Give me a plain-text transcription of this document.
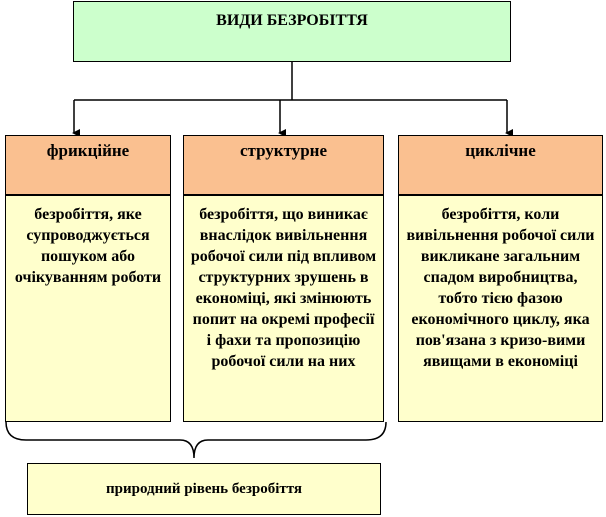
ВИДИ БЕЗРОБІТТЯ
фрикційне
безробіття, яке супроводжується пошуком або очікуванням роботи
структурне
безробіття, що виникає внаслідок вивільнення робочої сили під впливом структурних зрушень в економіці, які змінюють попит на окремі професії і фахи та пропозицію робочої сили на них
циклічне
безробіття, коли вивільнення робочої сили викликане загальним спадом виробництва, тобто тією фазою економічного циклу, яка пов'язана з кризо-вими явищами в економіці
природний рівень безробіття
